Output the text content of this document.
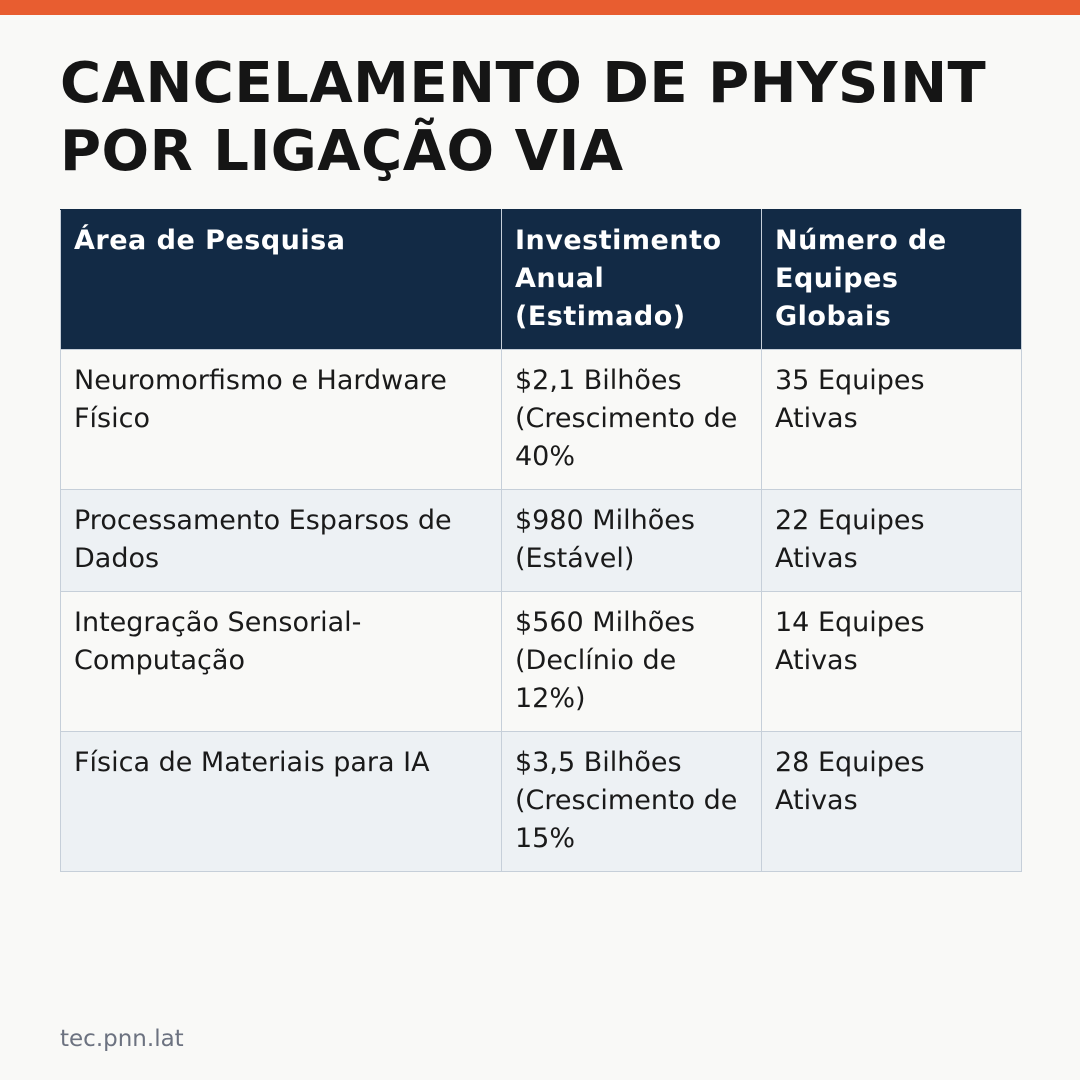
CANCELAMENTO DE PHYSINT POR LIGAÇÃO VIA
Área de Pesquisa	Investimento Anual (Estimado)	Número de Equipes Globais
Neuromorfismo e Hardware Físico	$2,1 Bilhões (Crescimento de 40%	35 Equipes Ativas
Processamento Esparsos de Dados	$980 Milhões (Estável)	22 Equipes Ativas
Integração Sensorial-Computação	$560 Milhões (Declínio de 12%)	14 Equipes Ativas
Física de Materiais para IA	$3,5 Bilhões (Crescimento de 15%	28 Equipes Ativas
tec.pnn.lat
